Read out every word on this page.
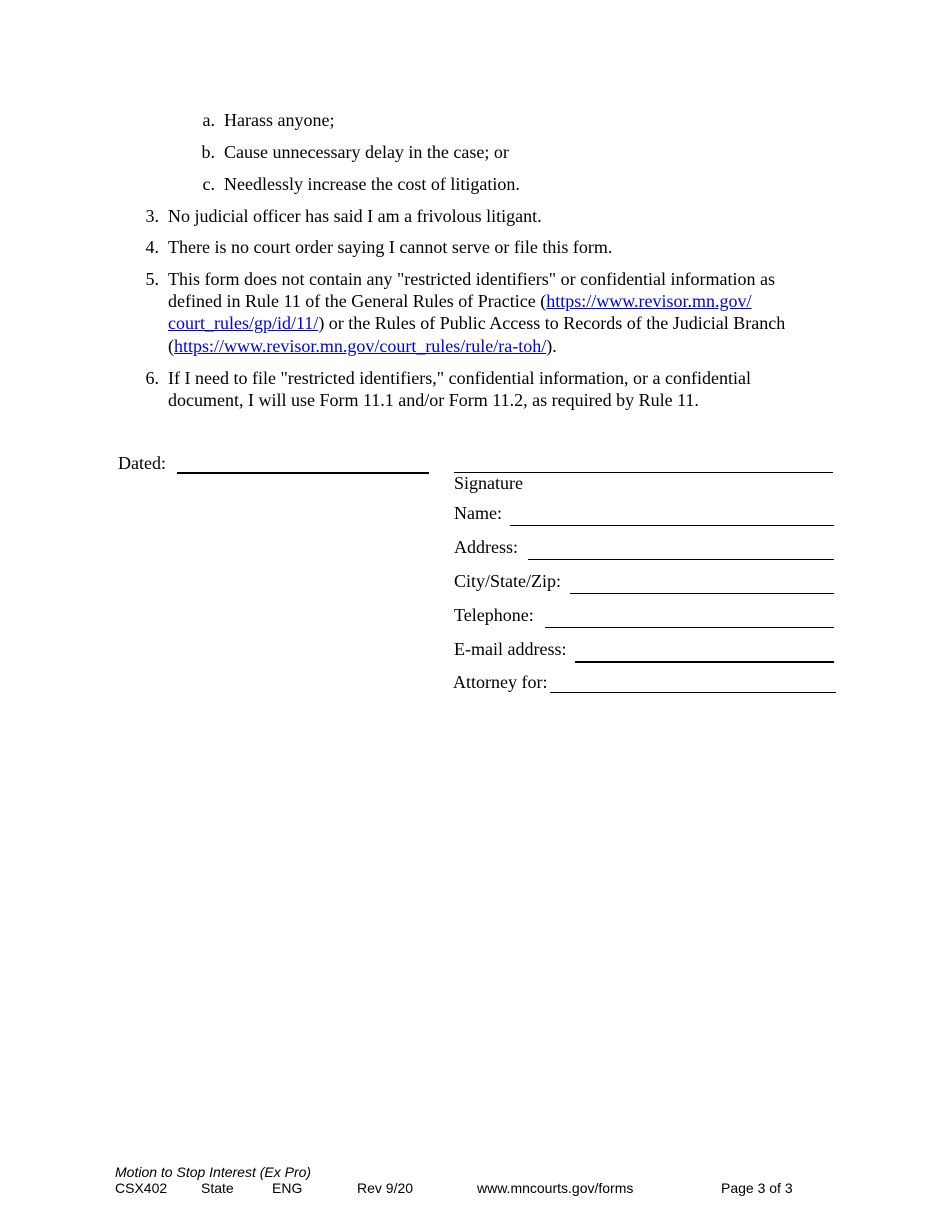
a. Harass anyone;
b. Cause unnecessary delay in the case; or
c. Needlessly increase the cost of litigation.
3. No judicial officer has said I am a frivolous litigant.
4. There is no court order saying I cannot serve or file this form.
5. This form does not contain any "restricted identifiers" or confidential information as
defined in Rule 11 of the General Rules of Practice (https://www.revisor.mn.gov/
court_rules/gp/id/11/) or the Rules of Public Access to Records of the Judicial Branch
(https://www.revisor.mn.gov/court_rules/rule/ra-toh/).
6. If I need to file "restricted identifiers," confidential information, or a confidential
document, I will use Form 11.1 and/or Form 11.2, as required by Rule 11.
Dated:
Signature
Name:
Address:
City/State/Zip:
Telephone:
E-mail address:
Attorney for:
Motion to Stop Interest (Ex Pro)
CSX402 State	ENG	Rev 9/20	www.mncourts.gov/forms	Page 3 of 3
